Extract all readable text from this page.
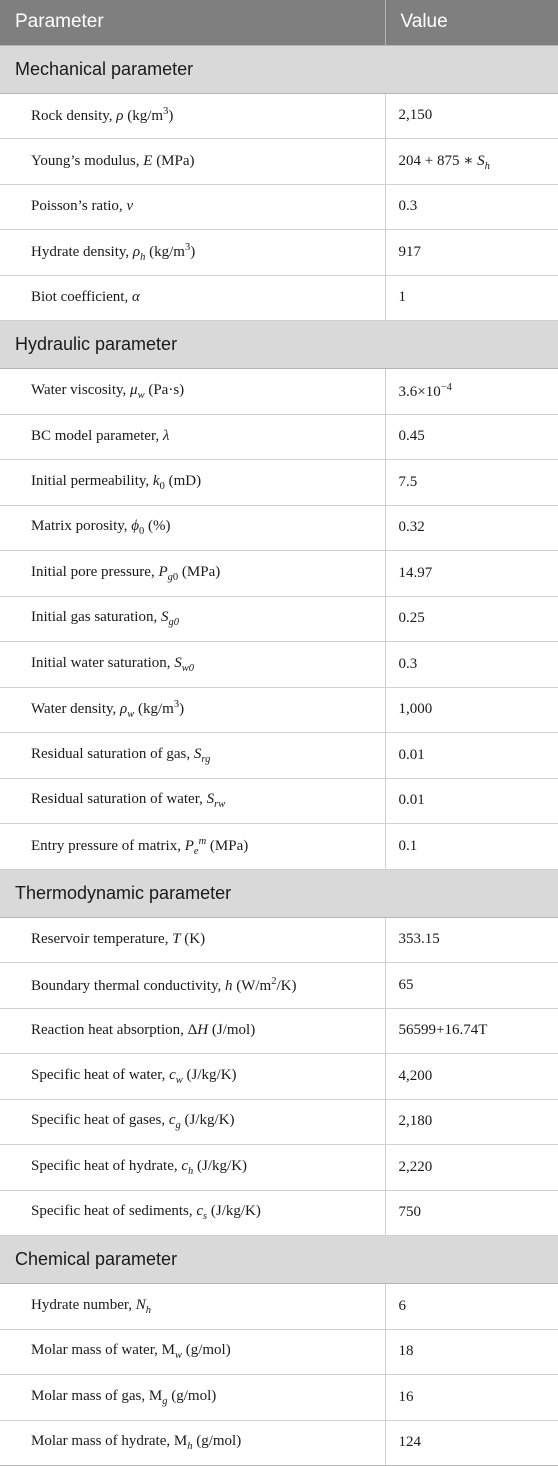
Parameter	Value
Mechanical parameter	
Rock density, ρ $(kg/m^3)$	2,150
Young’s modulus, E (MPa)	204 + 875 ∗ $S_h$
Poisson’s ratio, ν	0.3
Hydrate density, $\rho_h$ $(kg/m^3)$	917
Biot coefficient, α	1
Hydraulic parameter	
Water viscosity, $\mu_w$ (Pa·s)	$3.6\times 10^{-4}$
BC model parameter, λ	0.45
Initial permeability, $k_0$ (mD)	7.5
Matrix porosity, $\phi_0$ (%)	0.32
Initial pore pressure, $P_{g0}$ (MPa)	14.97
Initial gas saturation, $S_{g0}$	0.25
Initial water saturation, $S_{w0}$	0.3
Water density, $\rho_w$ $(kg/m^3)$	1,000
Residual saturation of gas, $S_{rg}$	0.01
Residual saturation of water, $S_{rw}$	0.01
Entry pressure of matrix, $P_e^m$ (MPa)	0.1
Thermodynamic parameter	
Reservoir temperature, T (K)	353.15
Boundary thermal conductivity, h $(W/m^2/K)$	65
Reaction heat absorption, ΔH (J/mol)	56599+16.74T
Specific heat of water, $c_w$ (J/kg/K)	4,200
Specific heat of gases, $c_g$ (J/kg/K)	2,180
Specific heat of hydrate, $c_h$ (J/kg/K)	2,220
Specific heat of sediments, $c_s$ (J/kg/K)	750
Chemical parameter	
Hydrate number, $N_h$	6
Molar mass of water, $M_w$ (g/mol)	18
Molar mass of gas, $M_g$ (g/mol)	16
Molar mass of hydrate, $M_h$ (g/mol)	124
